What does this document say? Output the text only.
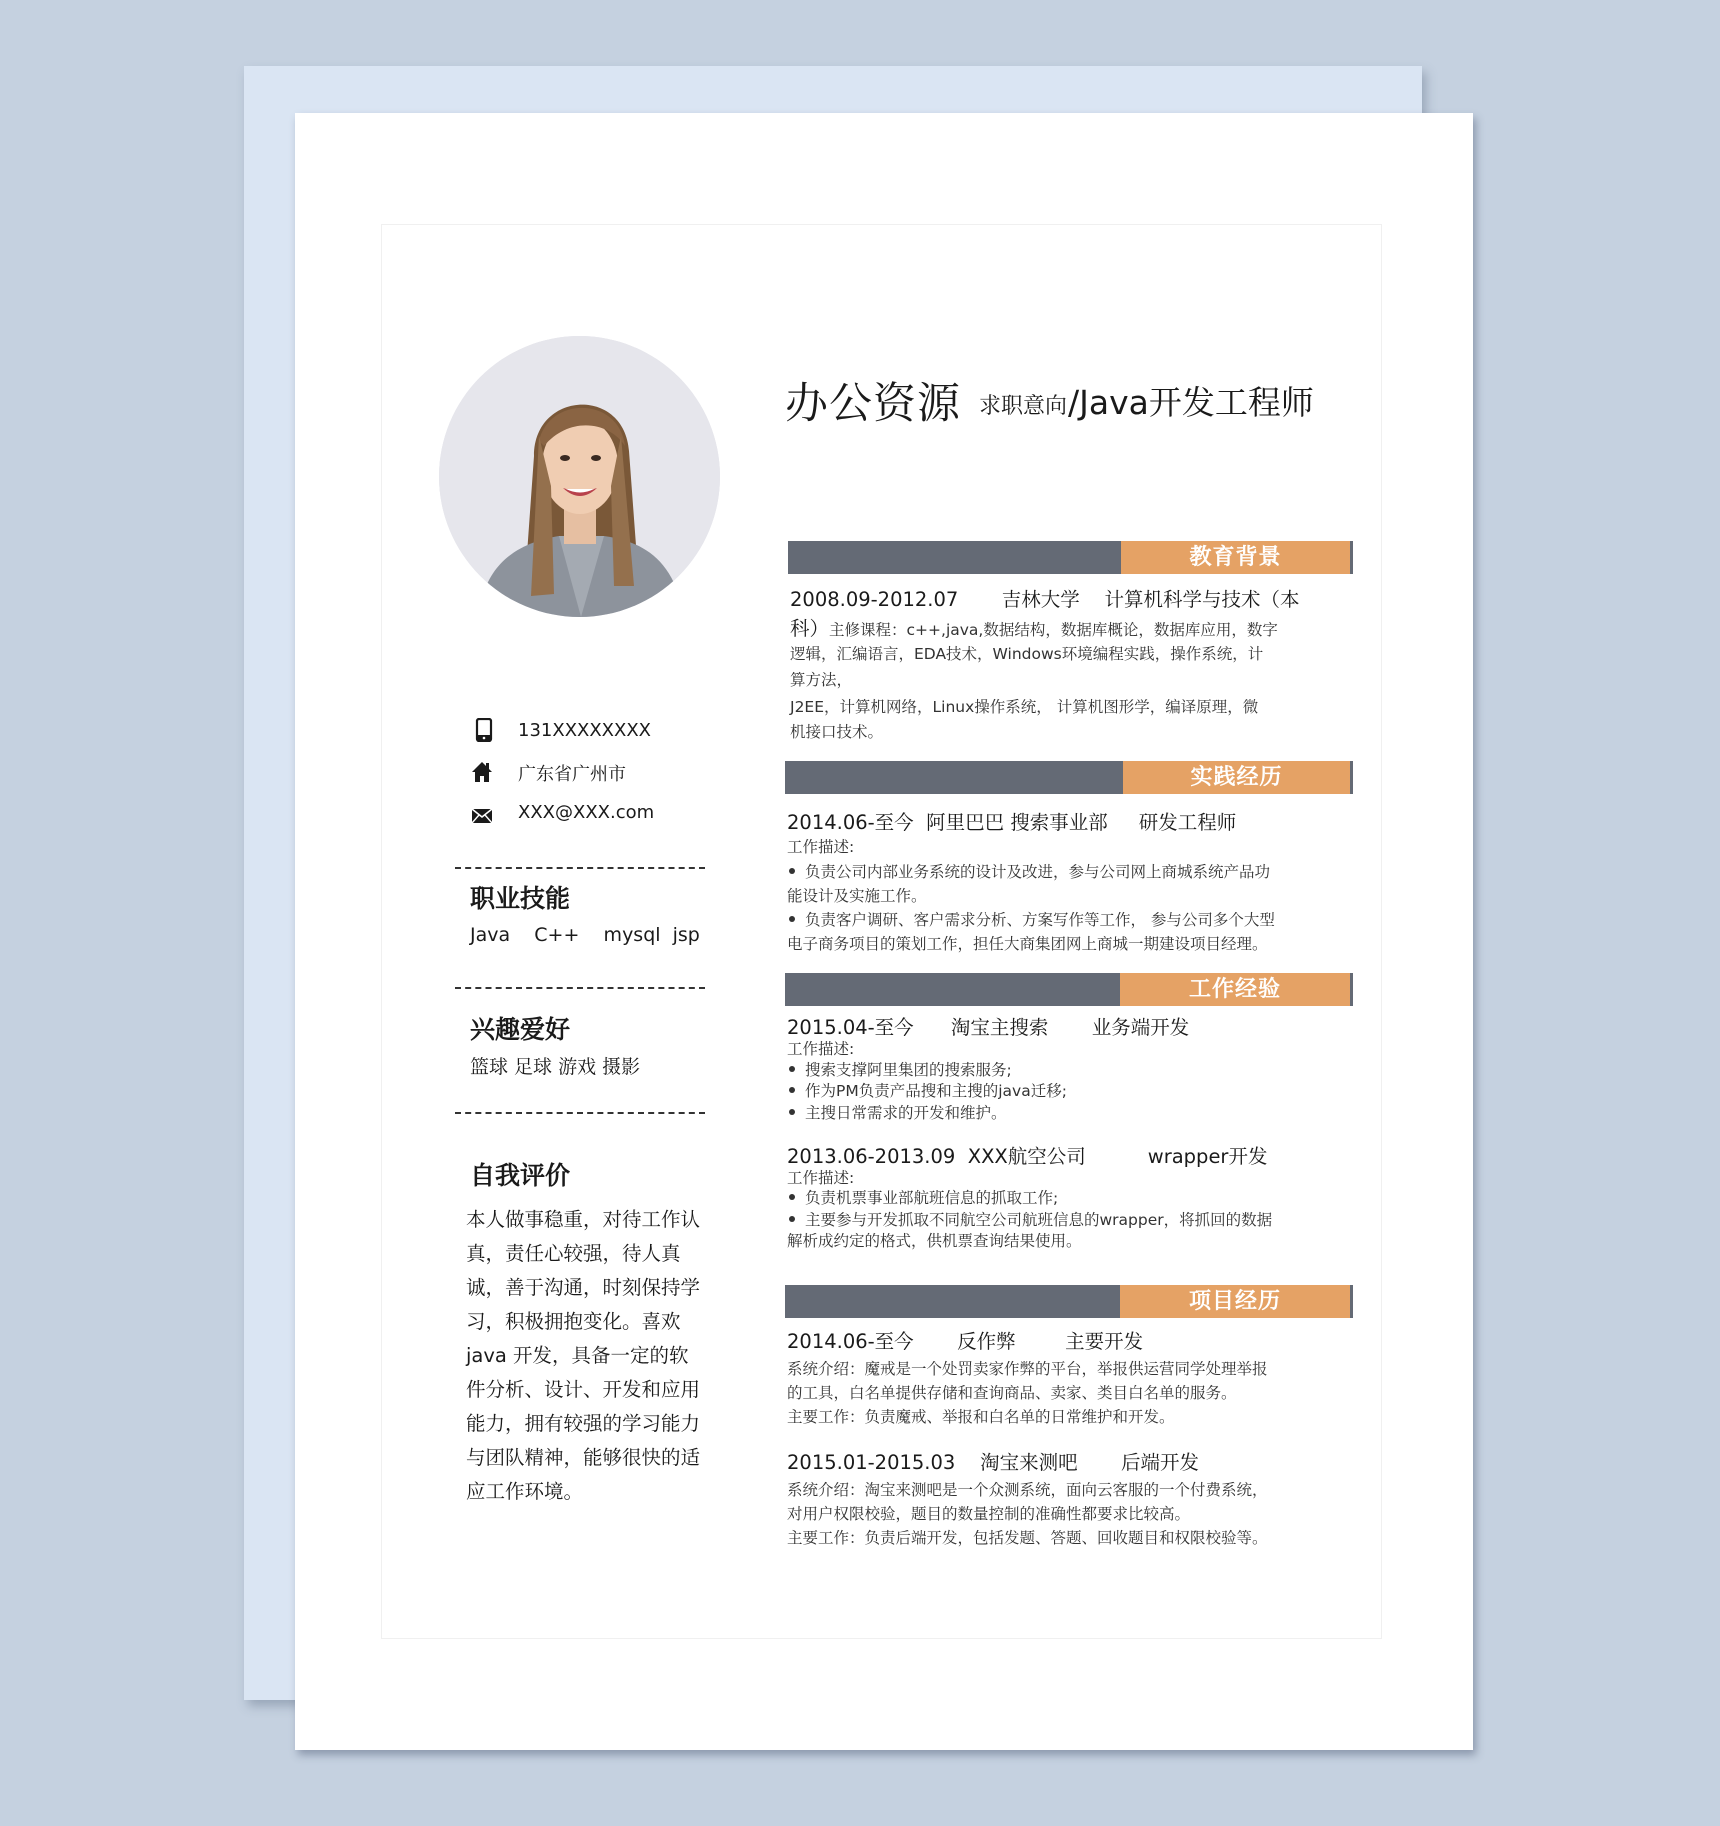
办公资源 求职意向 /Java开发工程师
131XXXXXXXX
广东省广州市
XXX@XXX.com
职业技能
Java    C++    mysql  jsp
兴趣爱好
篮球 足球 游戏 摄影
自我评价
本人做事稳重，对待工作认真，责任心较强，待人真诚，善于沟通，时刻保持学习，积极拥抱变化。喜欢java 开发，具备一定的软件分析、设计、开发和应用能力，拥有较强的学习能力与团队精神，能够很快的适应工作环境。
教育背景
2008.09-2012.07       吉林大学    计算机科学与技术（本
科）主修课程：c++,java,数据结构，数据库概论，数据库应用，数字
逻辑，汇编语言，EDA技术，Windows环境编程实践，操作系统，计
算方法，
J2EE，计算机网络，Linux操作系统， 计算机图形学，编译原理，微
机接口技术。
实践经历
2014.06-至今  阿里巴巴 搜索事业部     研发工程师
工作描述:
负责公司内部业务系统的设计及改进，参与公司网上商城系统产品功
能设计及实施工作。
负责客户调研、客户需求分析、方案写作等工作， 参与公司多个大型
电子商务项目的策划工作，担任大商集团网上商城一期建设项目经理。
工作经验
2015.04-至今      淘宝主搜索       业务端开发
工作描述:
搜索支撑阿里集团的搜索服务;
作为PM负责产品搜和主搜的java迁移;
主搜日常需求的开发和维护。
2013.06-2013.09  XXX航空公司          wrapper开发
工作描述:
负责机票事业部航班信息的抓取工作;
主要参与开发抓取不同航空公司航班信息的wrapper，将抓回的数据
解析成约定的格式，供机票查询结果使用。
项目经历
2014.06-至今       反作弊        主要开发
系统介绍：魔戒是一个处罚卖家作弊的平台，举报供运营同学处理举报
的工具，白名单提供存储和查询商品、卖家、类目白名单的服务。
主要工作：负责魔戒、举报和白名单的日常维护和开发。
2015.01-2015.03    淘宝来测吧       后端开发
系统介绍：淘宝来测吧是一个众测系统，面向云客服的一个付费系统，
对用户权限校验，题目的数量控制的准确性都要求比较高。
主要工作：负责后端开发，包括发题、答题、回收题目和权限校验等。
